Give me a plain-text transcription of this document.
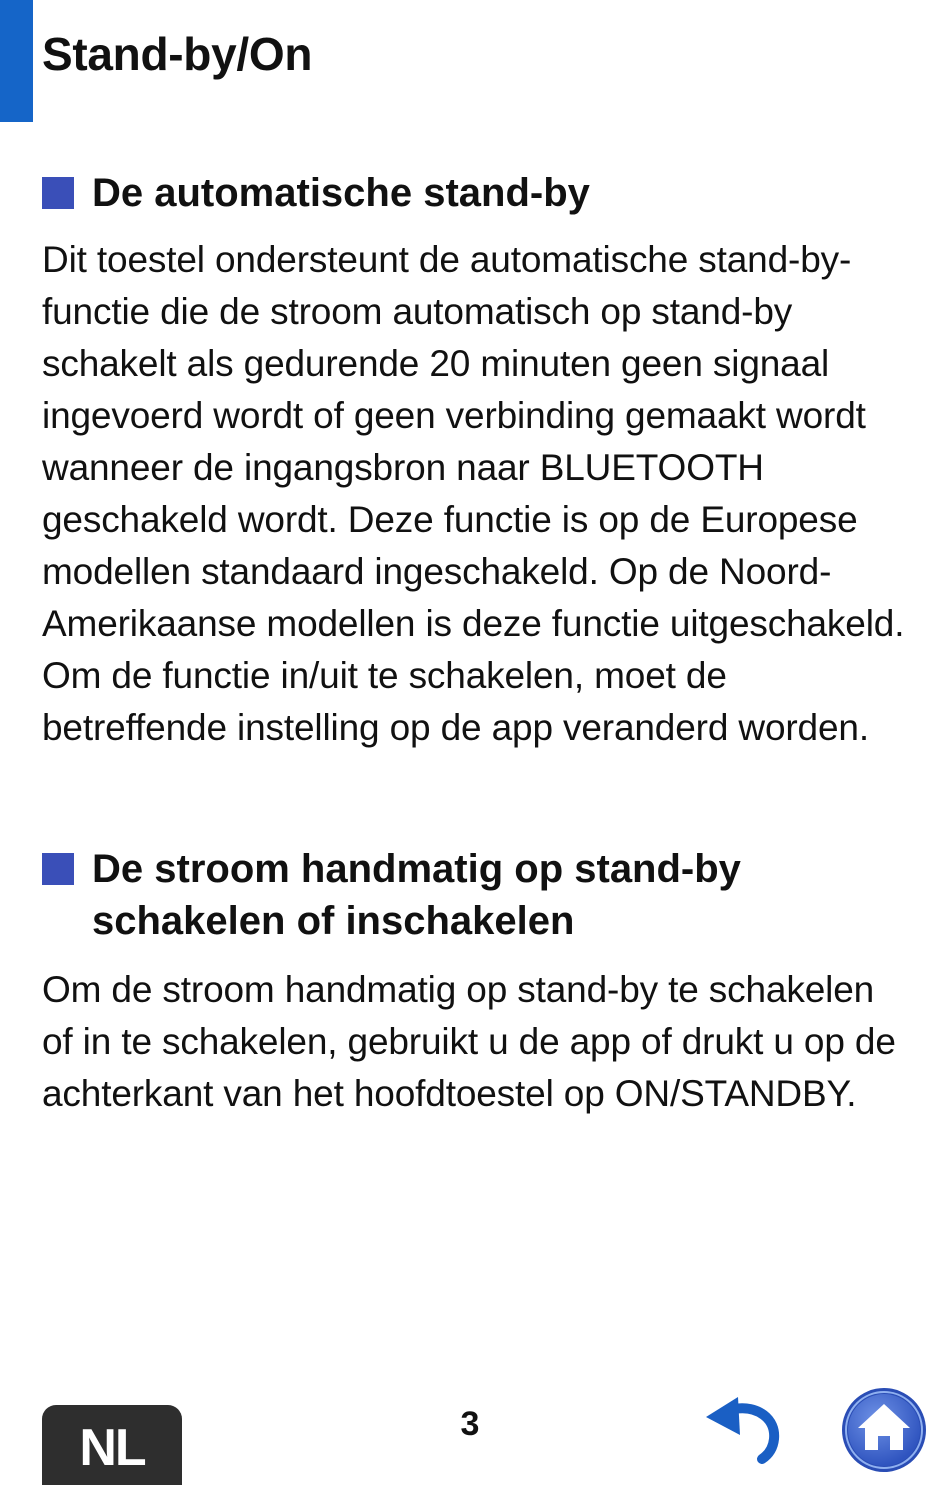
Stand-by/On
De automatische stand-by

Dit toestel ondersteunt de automatische stand-by-functie die de stroom automatisch op stand-by schakelt als gedurende 20 minuten geen signaal ingevoerd wordt of geen verbinding gemaakt wordt wanneer de ingangsbron naar BLUETOOTH geschakeld wordt. Deze functie is op de Europese modellen standaard ingeschakeld. Op de Noord-Amerikaanse modellen is deze functie uitgeschakeld. Om de functie in/uit te schakelen, moet de betreffende instelling op de app veranderd worden.

De stroom handmatig op stand-by schakelen of inschakelen

Om de stroom handmatig op stand-by te schakelen of in te schakelen, gebruikt u de app of drukt u op de achterkant van het hoofdtoestel op ON/STANDBY.

NL	3
